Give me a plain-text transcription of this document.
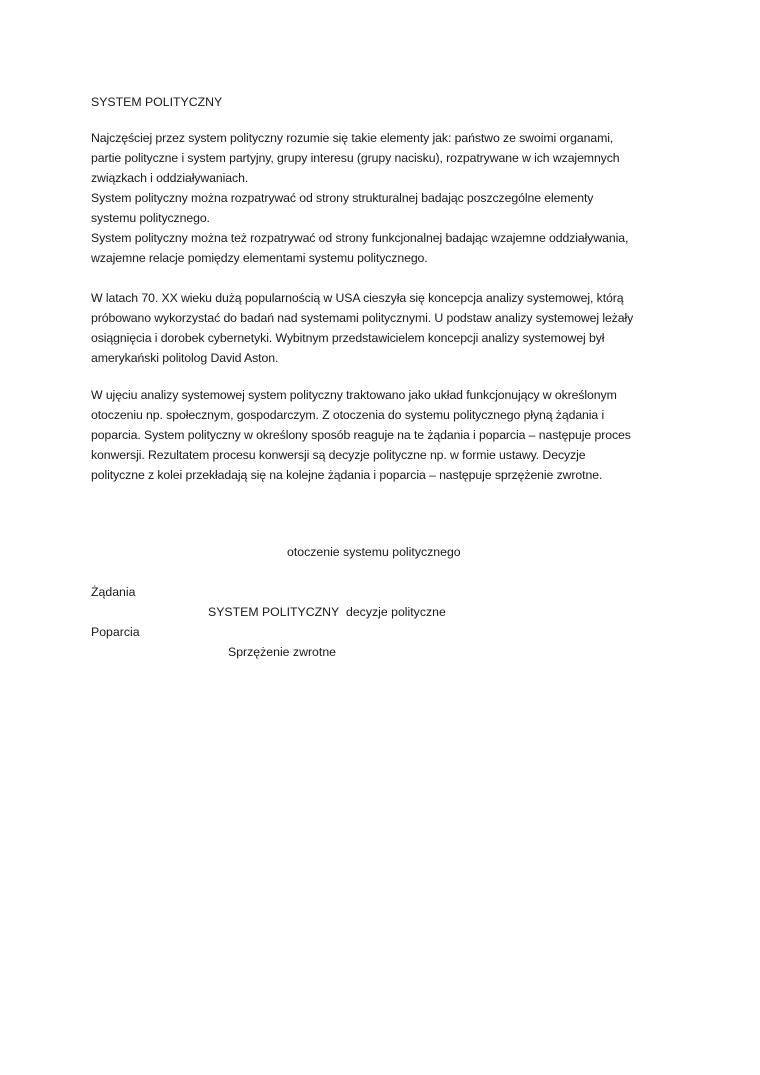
SYSTEM POLITYCZNY
Najczęściej przez system polityczny rozumie się takie elementy jak: państwo ze swoimi organami,
partie polityczne i system partyjny, grupy interesu (grupy nacisku), rozpatrywane w ich wzajemnych
związkach i oddziaływaniach.
System polityczny można rozpatrywać od strony strukturalnej badając poszczególne elementy
systemu politycznego.
System polityczny można też rozpatrywać od strony funkcjonalnej badając wzajemne oddziaływania,
wzajemne relacje pomiędzy elementami systemu politycznego.
W latach 70. XX wieku dużą popularnością w USA cieszyła się koncepcja analizy systemowej, którą
próbowano wykorzystać do badań nad systemami politycznymi. U podstaw analizy systemowej leżały
osiągnięcia i dorobek cybernetyki. Wybitnym przedstawicielem koncepcji analizy systemowej był
amerykański politolog David Aston.
W ujęciu analizy systemowej system polityczny traktowano jako układ funkcjonujący w określonym
otoczeniu np. społecznym, gospodarczym. Z otoczenia do systemu politycznego płyną żądania i
poparcia. System polityczny w określony sposób reaguje na te żądania i poparcia – następuje proces
konwersji. Rezultatem procesu konwersji są decyzje polityczne np. w formie ustawy. Decyzje
polityczne z kolei przekładają się na kolejne żądania i poparcia – następuje sprzężenie zwrotne.
otoczenie systemu politycznego
Żądania
SYSTEM POLITYCZNY decyzje polityczne
Poparcia
Sprzężenie zwrotne
